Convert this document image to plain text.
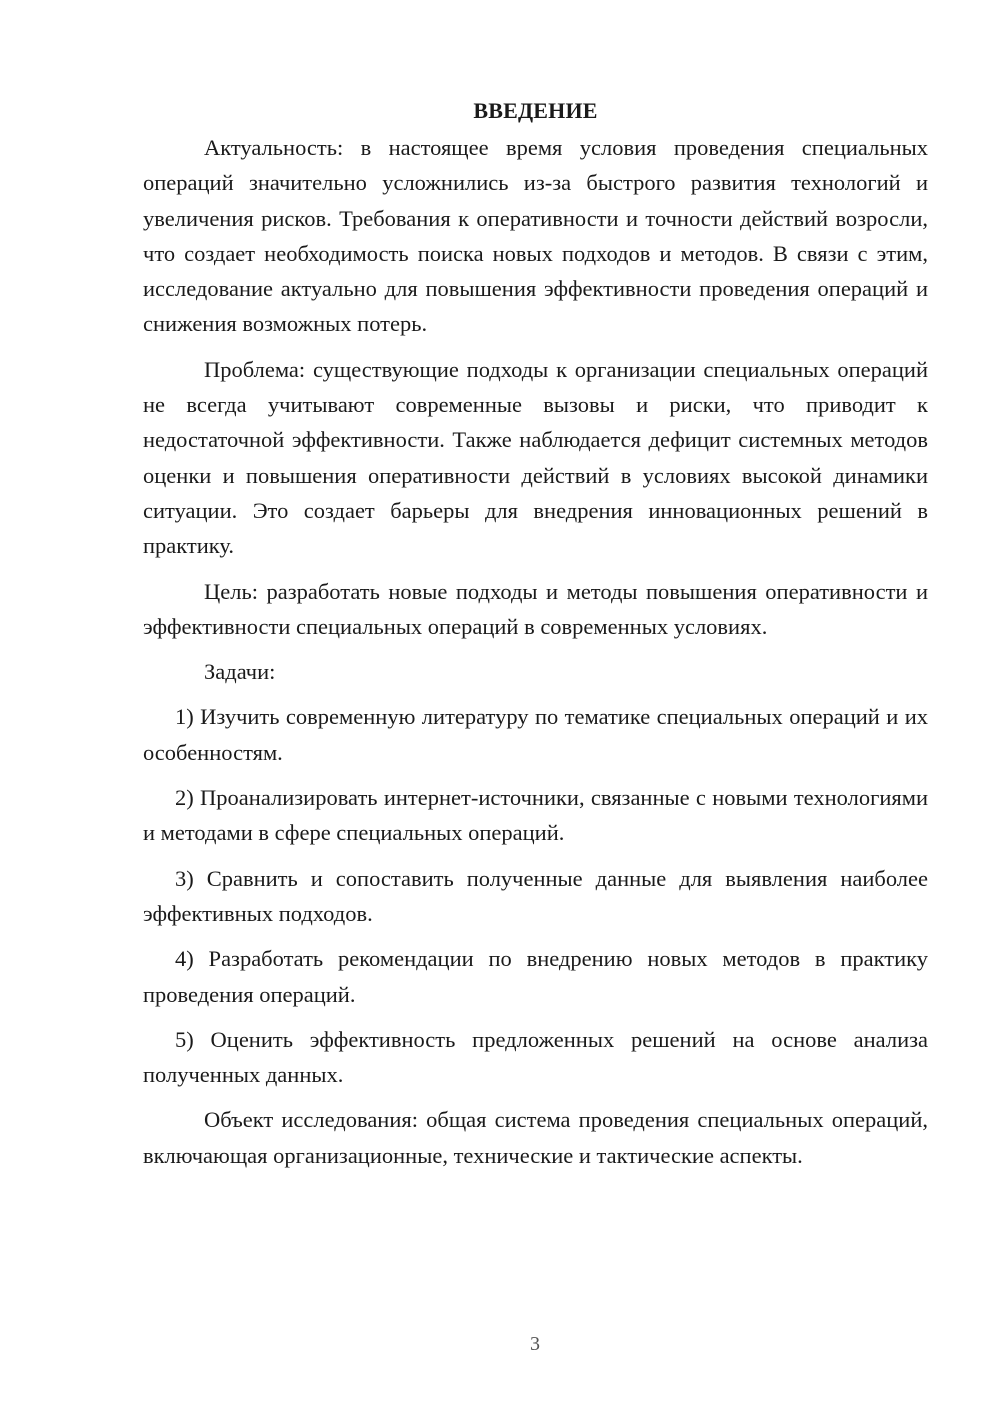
ВВЕДЕНИЕ

Актуальность: в настоящее время условия проведения специальных операций значительно усложнились из-за быстрого развития технологий и увеличения рисков. Требования к оперативности и точности действий возросли, что создает необходимость поиска новых подходов и методов. В связи с этим, исследование актуально для повышения эффективности проведения операций и снижения возможных потерь.

Проблема: существующие подходы к организации специальных операций не всегда учитывают современные вызовы и риски, что приводит к недостаточной эффективности. Также наблюдается дефицит системных методов оценки и повышения оперативности действий в условиях высокой динамики ситуации. Это создает барьеры для внедрения инновационных решений в практику.

Цель: разработать новые подходы и методы повышения оперативности и эффективности специальных операций в современных условиях.

Задачи:

1) Изучить современную литературу по тематике специальных операций и их особенностям.

2) Проанализировать интернет-источники, связанные с новыми технологиями и методами в сфере специальных операций.

3) Сравнить и сопоставить полученные данные для выявления наиболее эффективных подходов.

4) Разработать рекомендации по внедрению новых методов в практику проведения операций.

5) Оценить эффективность предложенных решений на основе анализа полученных данных.

Объект исследования: общая система проведения специальных операций, включающая организационные, технические и тактические аспекты.

3
